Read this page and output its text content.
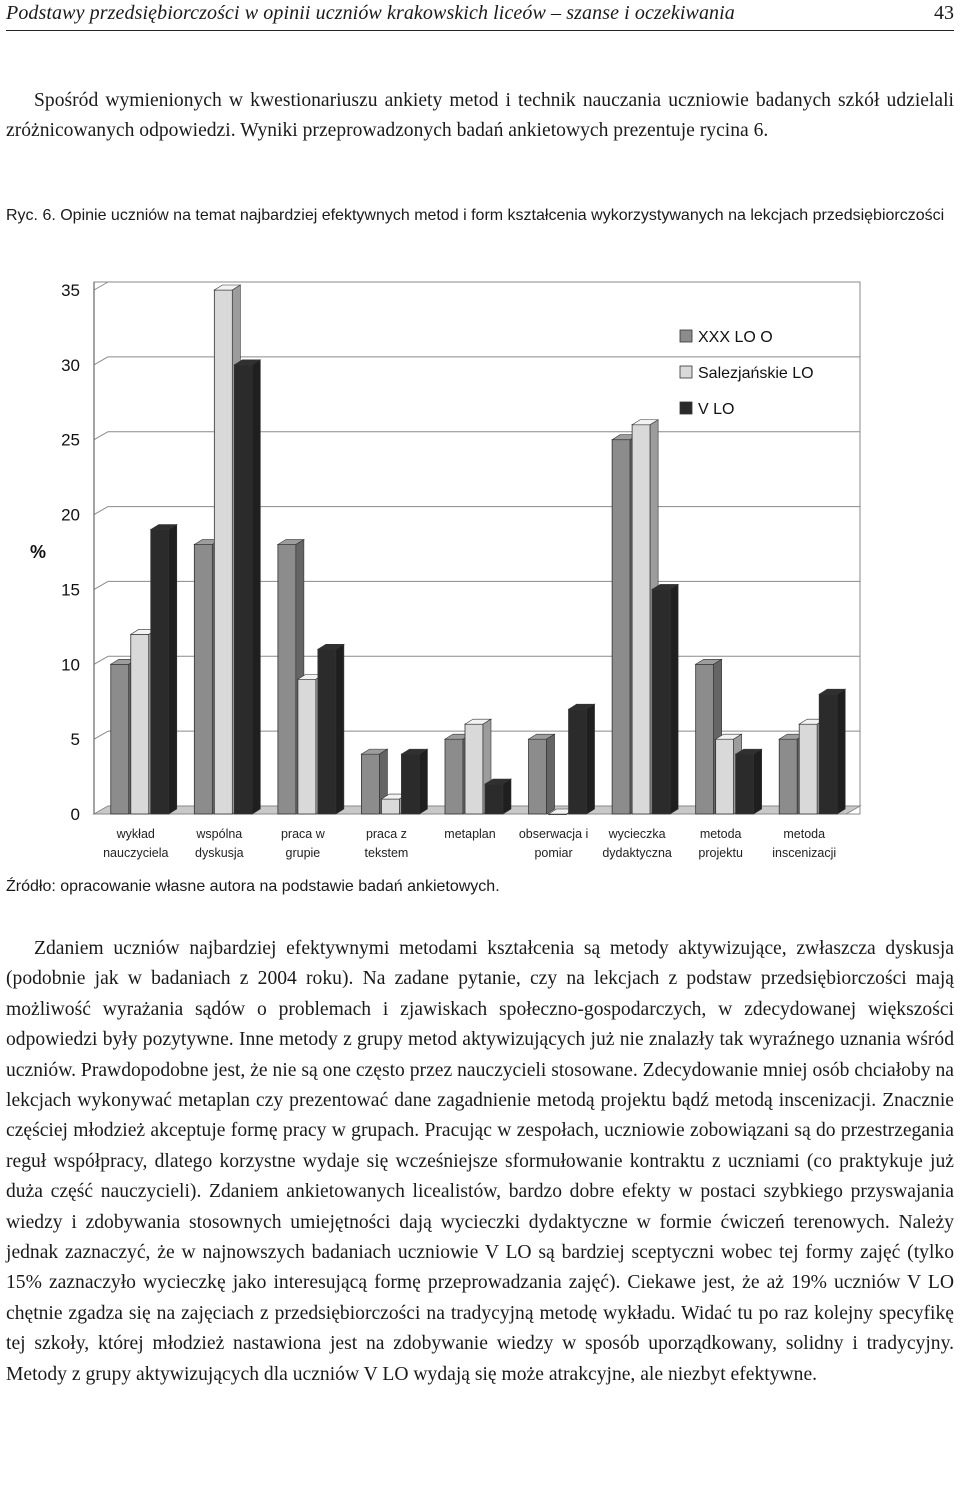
Podstawy przedsiębiorczości w opinii uczniów krakowskich liceów – szanse i oczekiwania	43

Spośród wymienionych w kwestionariuszu ankiety metod i technik nauczania uczniowie badanych szkół udzielali zróżnicowanych odpowiedzi. Wyniki przeprowadzonych badań ankietowych prezentuje rycina 6.

Ryc. 6. Opinie uczniów na temat najbardziej efektywnych metod i form kształcenia wykorzystywanych na lekcjach przedsiębiorczości

0
5
10
15
20
25
30
35
%
wykład
nauczyciela
wspólna
dyskusja
praca w
grupie
praca z
tekstem
metaplan obserwacja i
pomiar
wycieczka
dydaktyczna
metoda
projektu
metoda
inscenizacji
XXX LO O
Salezjańskie LO
V LO

Źródło: opracowanie własne autora na podstawie badań ankietowych.

Zdaniem uczniów najbardziej efektywnymi metodami kształcenia są metody aktywizujące, zwłaszcza dyskusja (podobnie jak w badaniach z 2004 roku). Na zadane pytanie, czy na lekcjach z podstaw przedsiębiorczości mają możliwość wyrażania sądów o problemach i zjawiskach społeczno-gospodarczych, w zdecydowanej większości odpowiedzi były pozytywne. Inne metody z grupy metod aktywizujących już nie znalazły tak wyraźnego uznania wśród uczniów. Prawdopodobne jest, że nie są one często przez nauczycieli stosowane. Zdecydowanie mniej osób chciałoby na lekcjach wykonywać metaplan czy prezentować dane zagadnienie metodą projektu bądź metodą inscenizacji. Znacznie częściej młodzież akceptuje formę pracy w grupach. Pracując w zespołach, uczniowie zobowiązani są do przestrzegania reguł współpracy, dlatego korzystne wydaje się wcześniejsze sformułowanie kontraktu z uczniami (co praktykuje już duża część nauczycieli). Zdaniem ankietowanych licealistów, bardzo dobre efekty w postaci szybkiego przyswajania wiedzy i zdobywania stosownych umiejętności dają wycieczki dydaktyczne w formie ćwiczeń terenowych. Należy jednak zaznaczyć, że w najnowszych badaniach uczniowie V LO są bardziej sceptyczni wobec tej formy zajęć (tylko 15% zaznaczyło wycieczkę jako interesującą formę przeprowadzania zajęć). Ciekawe jest, że aż 19% uczniów V LO chętnie zgadza się na zajęciach z przedsiębiorczości na tradycyjną metodę wykładu. Widać tu po raz kolejny specyfikę tej szkoły, której młodzież nastawiona jest na zdobywanie wiedzy w sposób uporządkowany, solidny i tradycyjny. Metody z grupy aktywizujących dla uczniów V LO wydają się może atrakcyjne, ale niezbyt efektywne.
